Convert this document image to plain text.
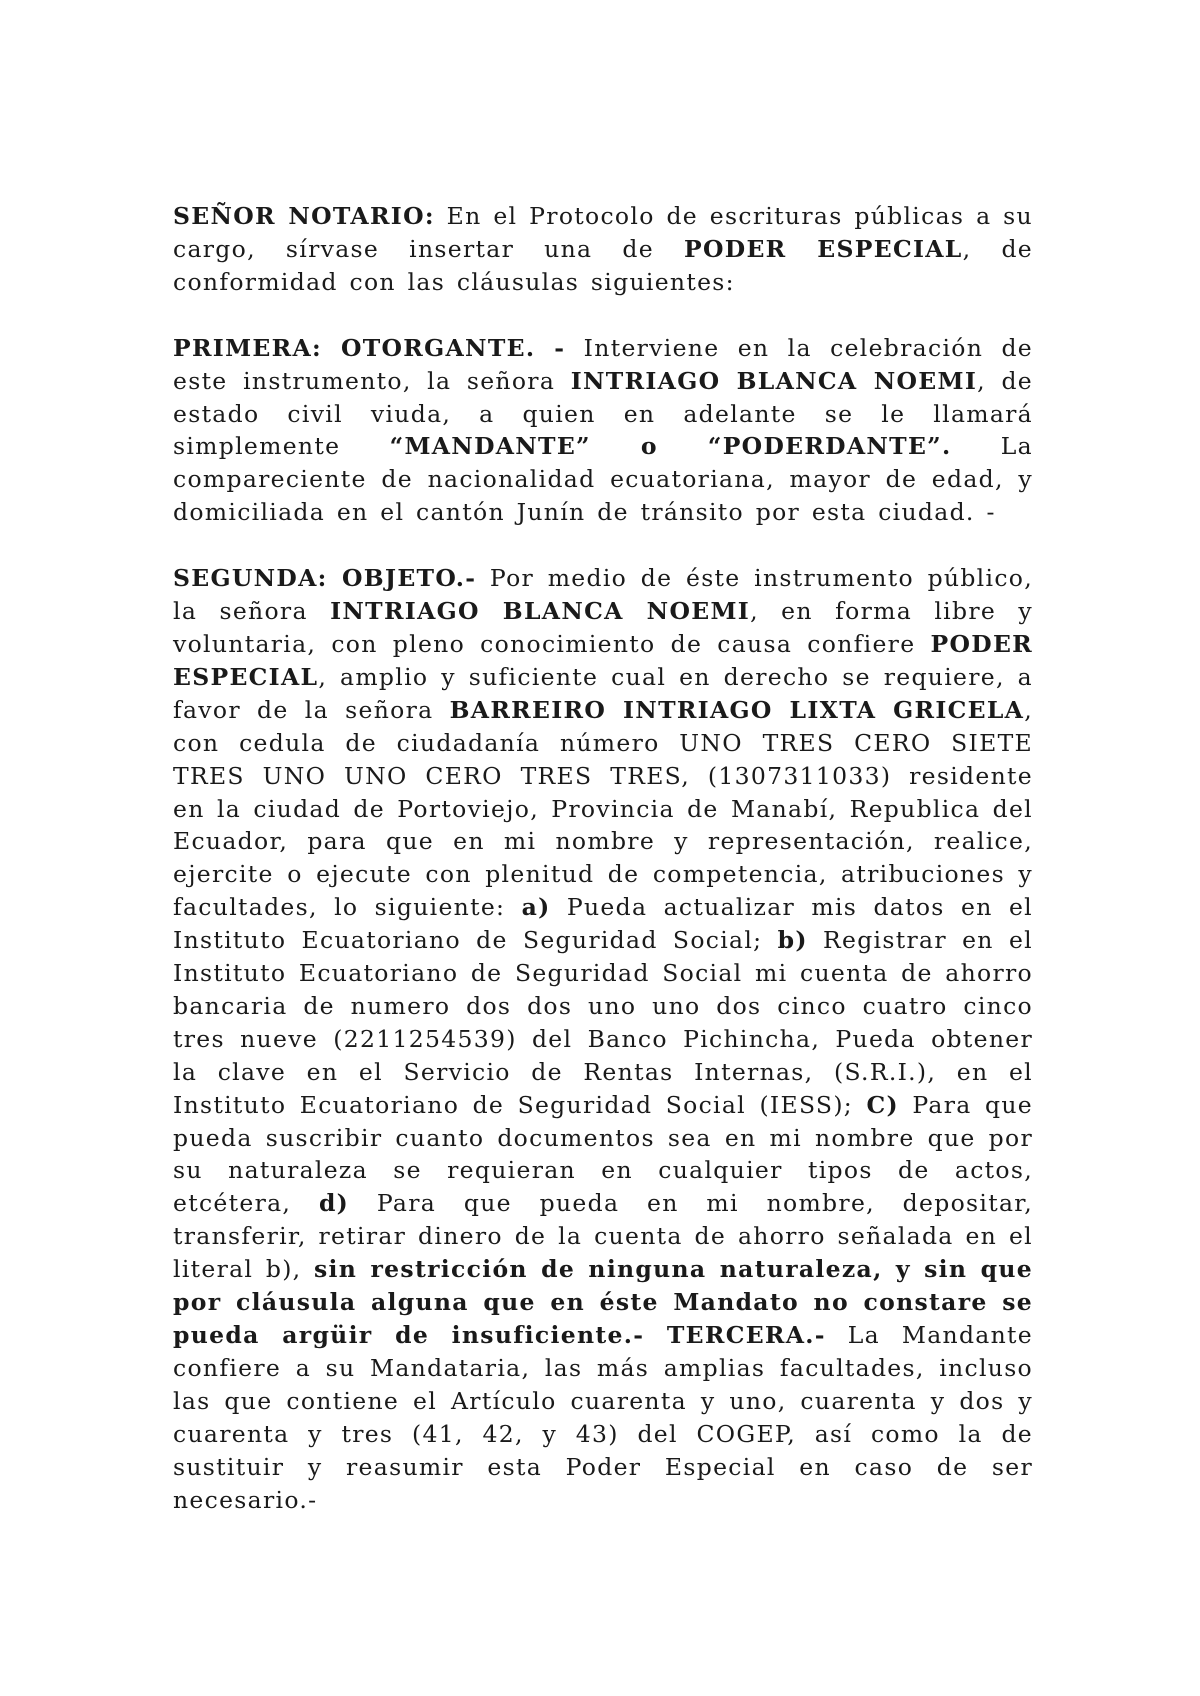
SEÑOR NOTARIO: En el Protocolo de escrituras públicas a su cargo, sírvase insertar una de PODER ESPECIAL, de conformidad con las cláusulas siguientes:

PRIMERA: OTORGANTE. - Interviene en la celebración de este instrumento, la señora INTRIAGO BLANCA NOEMI, de estado civil viuda, a quien en adelante se le llamará simplemente “MANDANTE” o “PODERDANTE”. La compareciente de nacionalidad ecuatoriana, mayor de edad, y domiciliada en el cantón Junín de tránsito por esta ciudad. -

SEGUNDA: OBJETO.- Por medio de éste instrumento público, la señora INTRIAGO BLANCA NOEMI, en forma libre y voluntaria, con pleno conocimiento de causa confiere PODER ESPECIAL, amplio y suficiente cual en derecho se requiere, a favor de la señora BARREIRO INTRIAGO LIXTA GRICELA, con cedula de ciudadanía número UNO TRES CERO SIETE TRES UNO UNO CERO TRES TRES, (1307311033) residente en la ciudad de Portoviejo, Provincia de Manabí, Republica del Ecuador, para que en mi nombre y representación, realice, ejercite o ejecute con plenitud de competencia, atribuciones y facultades, lo siguiente: a) Pueda actualizar mis datos en el Instituto Ecuatoriano de Seguridad Social; b) Registrar en el Instituto Ecuatoriano de Seguridad Social mi cuenta de ahorro bancaria de numero dos dos uno uno dos cinco cuatro cinco tres nueve (2211254539) del Banco Pichincha, Pueda obtener la clave en el Servicio de Rentas Internas, (S.R.I.), en el Instituto Ecuatoriano de Seguridad Social (IESS); C) Para que pueda suscribir cuanto documentos sea en mi nombre que por su naturaleza se requieran en cualquier tipos de actos, etcétera, d) Para que pueda en mi nombre, depositar, transferir, retirar dinero de la cuenta de ahorro señalada en el literal b), sin restricción de ninguna naturaleza, y sin que por cláusula alguna que en éste Mandato no constare se pueda argüir de insuficiente.- TERCERA.- La Mandante confiere a su Mandataria, las más amplias facultades, incluso las que contiene el Artículo cuarenta y uno, cuarenta y dos y cuarenta y tres (41, 42, y 43) del COGEP, así como la de sustituir y reasumir esta Poder Especial en caso de ser necesario.-
